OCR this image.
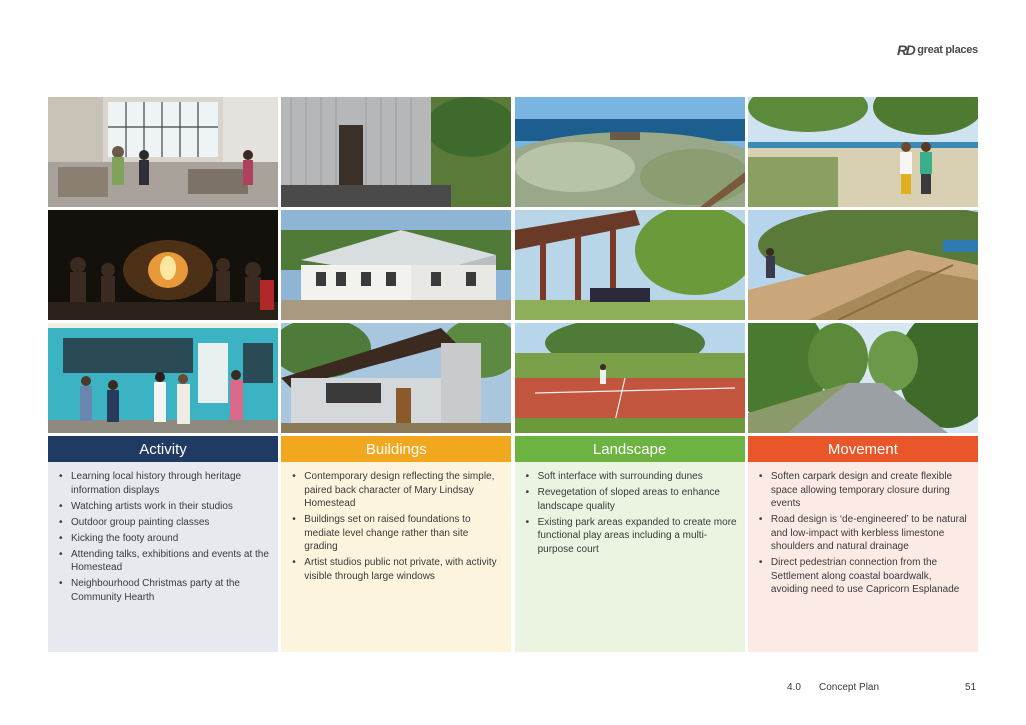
RD great places
Activity
• Learning local history through heritage information displays
• Watching artists work in their studios
• Outdoor group painting classes
• Kicking the footy around
• Attending talks, exhibitions and events at the Homestead
• Neighbourhood Christmas party at the Community Hearth
Buildings
• Contemporary design reflecting the simple, paired back character of Mary Lindsay Homestead
• Buildings set on raised foundations to mediate level change rather than site grading
• Artist studios public not private, with activity visible through large windows
Landscape
• Soft interface with surrounding dunes
• Revegetation of sloped areas to enhance landscape quality
• Existing park areas expanded to create more functional play areas including a multi-purpose court
Movement
• Soften carpark design and create flexible space allowing temporary closure during events
• Road design is ‘de-engineered’ to be natural and low-impact with kerbless limestone shoulders and natural drainage
• Direct pedestrian connection from the Settlement along coastal boardwalk, avoiding need to use Capricorn Esplanade
4.0 Concept Plan	51
